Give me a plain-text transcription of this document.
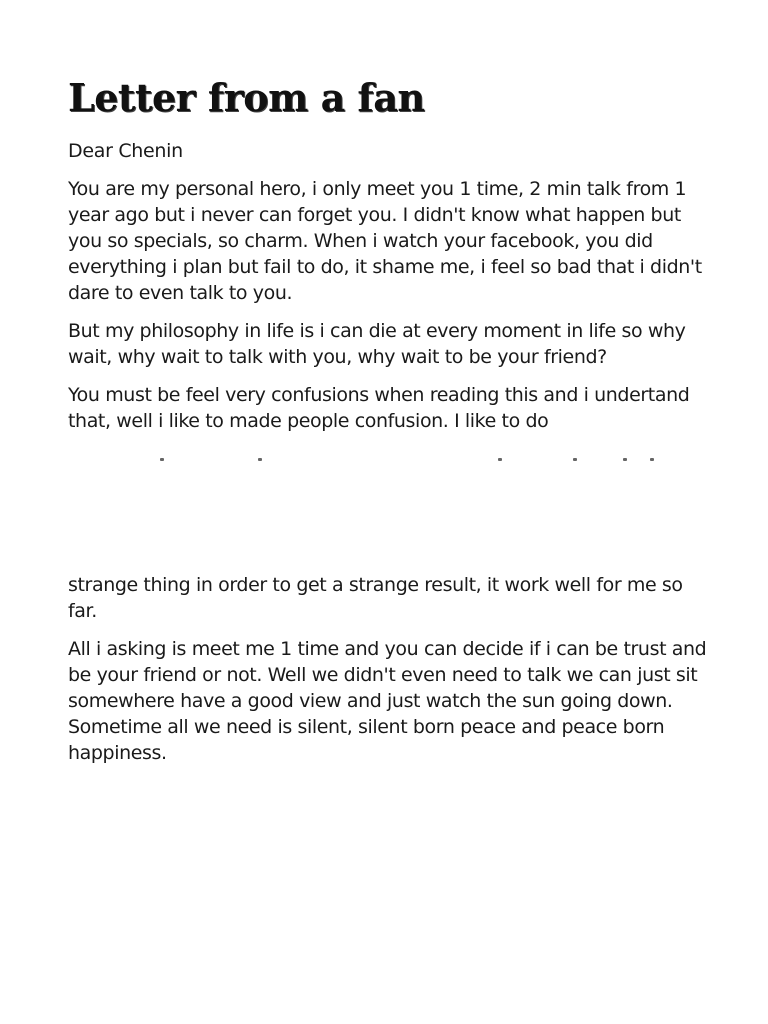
Letter from a fan

Dear Chenin

You are my personal hero, i only meet you 1 time, 2 min talk from 1 year ago but i never can forget you. I didn't know what happen but you so specials, so charm. When i watch your facebook, you did everything i plan but fail to do, it shame me, i feel so bad that i didn't dare to even talk to you.

But my philosophy in life is i can die at every moment in life so why wait, why wait to talk with you, why wait to be your friend?

You must be feel very confusions when reading this and i undertand that, well i like to made people confusion. I like to do

strange thing in order to get a strange result, it work well for me so far.

All i asking is meet me 1 time and you can decide if i can be trust and be your friend or not. Well we didn't even need to talk we can just sit somewhere have a good view and just watch the sun going down. Sometime all we need is silent, silent born peace and peace born happiness.
